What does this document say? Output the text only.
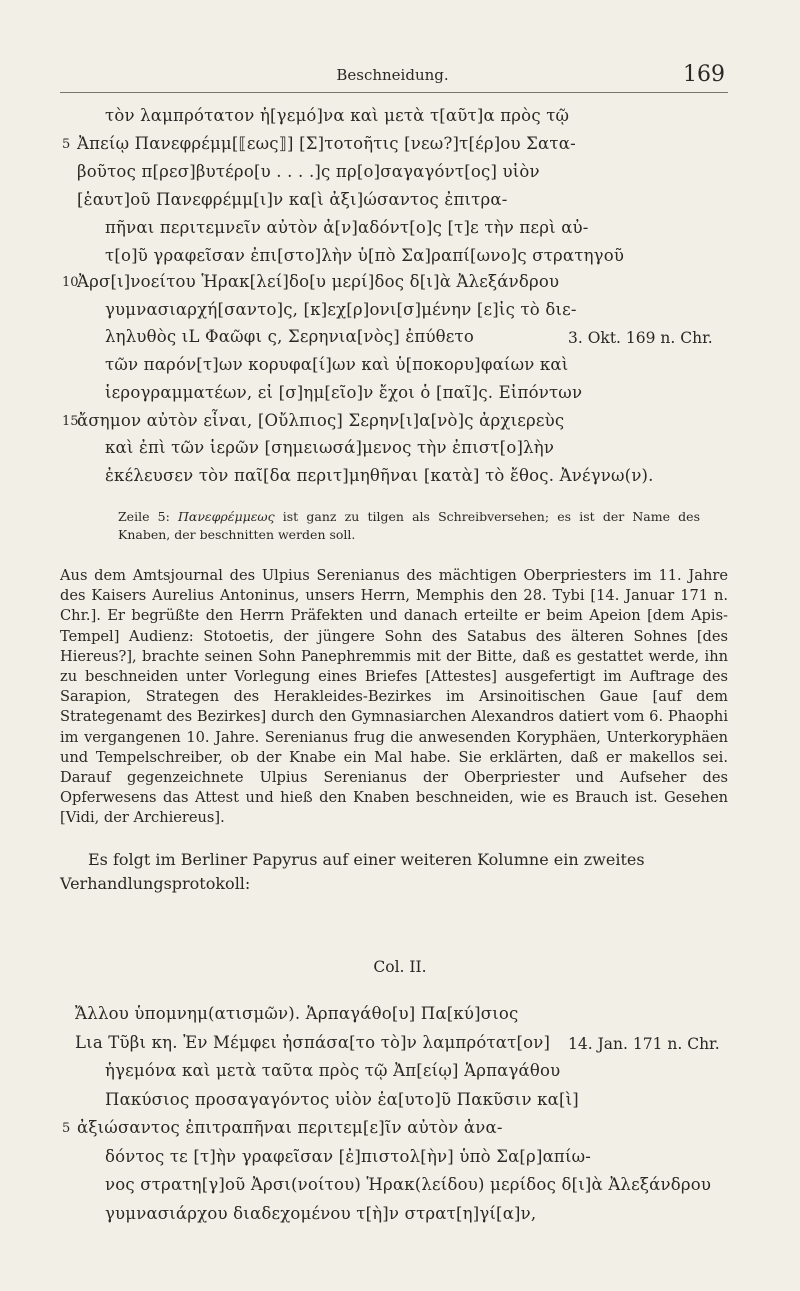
Beschneidung.	169
τὸν λαμπρότατον ἡ[γεμό]να καὶ μετὰ τ[αῦτ]α πρὸς τῷ
5 Ἀπείῳ Πανεφρέμμ[⟦εως⟧] [Σ]τοτοῆτις [νεω?]τ[έρ]ου Σατα-
βοῦτος π[ρεσ]βυτέρο[υ . . . .]ς πρ[ο]σαγαγόντ[ος] υἱὸν
[ἑαυτ]οῦ Πανεφρέμμ[ι]ν κα[ὶ ἀξι]ώσαντος ἐπιτρα-
πῆναι περιτεμνεῖν αὐτὸν ἀ[ν]αδόντ[ο]ς [τ]ε τὴν περὶ αὐ-
τ[ο]ῦ γραφεῖσαν ἐπι[στο]λὴν ὑ[πὸ Σα]ραπί[ωνο]ς στρατηγοῦ
10
Ἀρσ[ι]νοείτου Ἡρακ[λεί]δο[υ μερί]δος δ[ι]ὰ Ἀλεξάνδρου
γυμνασιαρχή[σαντο]ς, [κ]εχ[ρ]ονι[σ]μένην [ε]ἰς τὸ διε-
ληλυθὸς ιL Φαῶφι ς, Σερηνια[νὸς] ἐπύθετο	3. Okt. 169 n. Chr.
τῶν παρόν[τ]ων κορυφα[ί]ων καὶ ὑ[ποκορυ]φαίων καὶ
ἱερογραμματέων, εἰ [σ]ημ[εῖο]ν ἔχοι ὁ [παῖ]ς. Εἰπόντων
15
ἄσημον αὐτὸν εἶναι, [Οὔλπιος] Σερην[ι]α[νὸ]ς ἀρχιερεὺς
καὶ ἐπὶ τῶν ἱερῶν [σημειωσά]μενος τὴν ἐπιστ[ο]λὴν
ἐκέλευσεν τὸν παῖ[δα περιτ]μηθῆναι [κατὰ] τὸ ἔθος. Ἀνέγνω(ν).
Zeile 5: Πανεφρέμμεως ist ganz zu tilgen als Schreibversehen; es ist der Name des Knaben, der beschnitten werden soll.

Aus dem Amtsjournal des Ulpius Serenianus des mächtigen Oberpriesters im 11. Jahre des Kaisers Aurelius Antoninus, unsers Herrn, Memphis den 28. Tybi [14. Januar 171 n. Chr.]. Er begrüßte den Herrn Präfekten und danach erteilte er beim Apeion [dem Apis-Tempel] Audienz: Stotoetis, der jüngere Sohn des Satabus des älteren Sohnes [des Hiereus?], brachte seinen Sohn Panephremmis mit der Bitte, daß es gestattet werde, ihn zu beschneiden unter Vorlegung eines Briefes [Attestes] ausgefertigt im Auftrage des Sarapion, Strategen des Herakleides-Bezirkes im Arsinoitischen Gaue [auf dem Strategenamt des Bezirkes] durch den Gymnasiarchen Alexandros datiert vom 6. Phaophi im vergangenen 10. Jahre. Serenianus frug die anwesenden Koryphäen, Unterkoryphäen und Tempelschreiber, ob der Knabe ein Mal habe. Sie erklärten, daß er makellos sei. Darauf gegenzeichnete Ulpius Serenianus der Oberpriester und Aufseher des Opferwesens das Attest und hieß den Knaben beschneiden, wie es Brauch ist. Gesehen [Vidi, der Archiereus].

Es folgt im Berliner Papyrus auf einer weiteren Kolumne ein zweites Verhandlungsprotokoll:

Col. II.
Ἄλλου ὑπομνημ(ατισμῶν). Ἁρπαγάθο[υ] Πα[κύ]σιος
Lιa Τῦβι κη. Ἐν Μέμφει ἠσπάσα[το τὸ]ν λαμπρότατ[ον] 14. Jan. 171 n. Chr.
ἡγεμόνα καὶ μετὰ ταῦτα πρὸς τῷ Ἀπ[είῳ] Ἁρπαγάθου
Πακύσιος προσαγαγόντος υἱὸν ἑα[υτο]ῦ Πακῦσιν κα[ὶ]
5 ἀξιώσαντος ἐπιτραπῆναι περιτεμ[ε]ῖν αὐτὸν ἀνα-
δόντος τε [τ]ὴν γραφεῖσαν [ἐ]πιστολ[ὴν] ὑπὸ Σα[ρ]απίω-
νος στρατη[γ]οῦ Ἀρσι(νοίτου) Ἡρακ(λείδου) μερίδος δ[ι]ὰ Ἀλεξάνδρου
γυμνασιάρχου διαδεχομένου τ[ὴ]ν στρατ[η]γί[α]ν,
